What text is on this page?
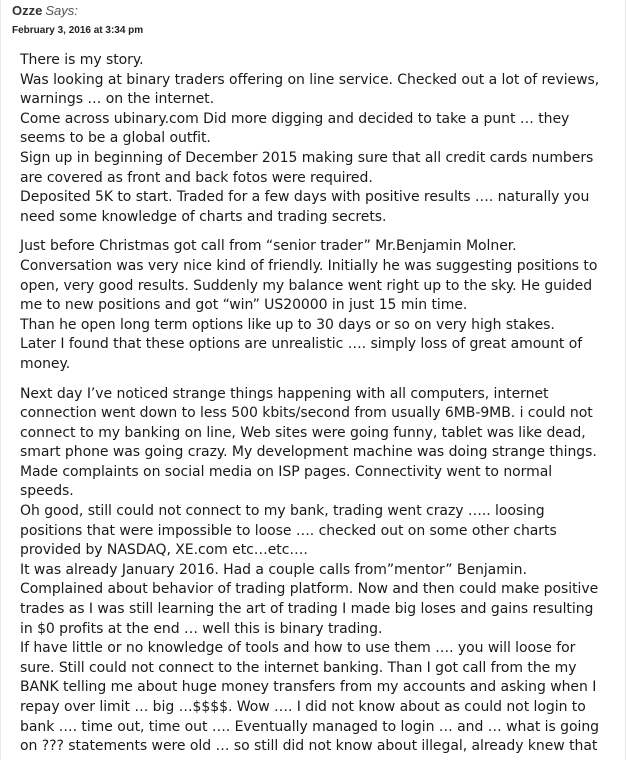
Ozze Says:
February 3, 2016 at 3:34 pm

There is my story.
Was looking at binary traders offering on line service. Checked out a lot of reviews,
warnings … on the internet.
Come across ubinary.com Did more digging and decided to take a punt … they
seems to be a global outfit.
Sign up in beginning of December 2015 making sure that all credit cards numbers
are covered as front and back fotos were required.
Deposited 5K to start. Traded for a few days with positive results …. naturally you
need some knowledge of charts and trading secrets.

Just before Christmas got call from “senior trader” Mr.Benjamin Molner.
Conversation was very nice kind of friendly. Initially he was suggesting positions to
open, very good results. Suddenly my balance went right up to the sky. He guided
me to new positions and got “win” US20000 in just 15 min time.
Than he open long term options like up to 30 days or so on very high stakes.
Later I found that these options are unrealistic …. simply loss of great amount of
money.

Next day I’ve noticed strange things happening with all computers, internet
connection went down to less 500 kbits/second from usually 6MB-9MB. i could not
connect to my banking on line, Web sites were going funny, tablet was like dead,
smart phone was going crazy. My development machine was doing strange things.
Made complaints on social media on ISP pages. Connectivity went to normal
speeds.
Oh good, still could not connect to my bank, trading went crazy ….. loosing
positions that were impossible to loose …. checked out on some other charts
provided by NASDAQ, XE.com etc…etc….
It was already January 2016. Had a couple calls from”mentor” Benjamin.
Complained about behavior of trading platform. Now and then could make positive
trades as I was still learning the art of trading I made big loses and gains resulting
in $0 profits at the end … well this is binary trading.
If have little or no knowledge of tools and how to use them …. you will loose for
sure. Still could not connect to the internet banking. Than I got call from the my
BANK telling me about huge money transfers from my accounts and asking when I
repay over limit … big …$$$$. Wow …. I did not know about as could not login to
bank …. time out, time out …. Eventually managed to login … and … what is going
on ??? statements were old … so still did not know about illegal, already knew that
